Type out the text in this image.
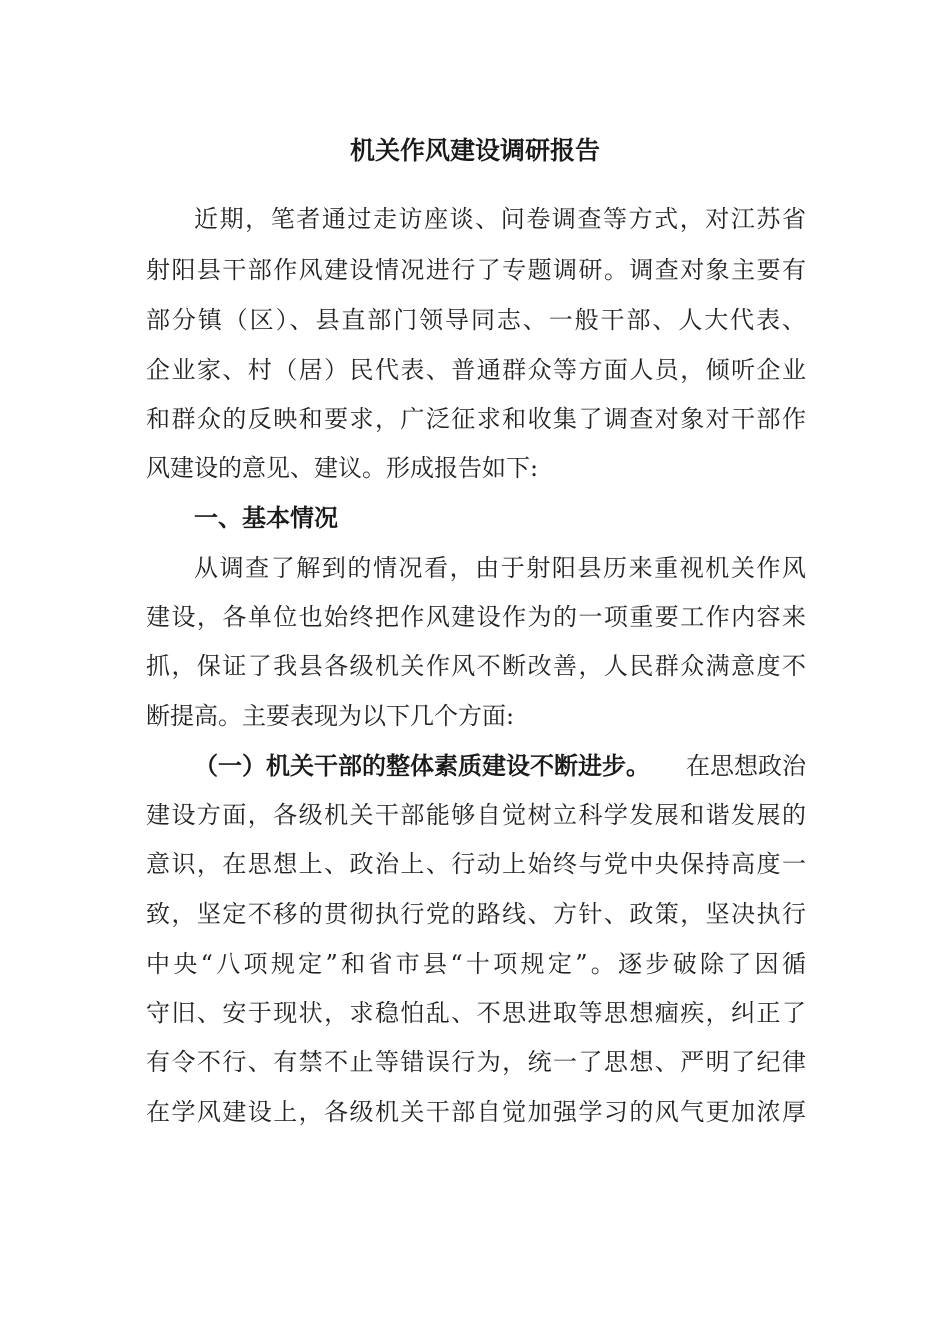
机关作风建设调研报告
近期，笔者通过走访座谈、问卷调查等方式，对江苏省
射阳县干部作风建设情况进行了专题调研。调查对象主要有
部分镇（区）、县直部门领导同志、一般干部、人大代表、
企业家、村（居）民代表、普通群众等方面人员，倾听企业
和群众的反映和要求，广泛征求和收集了调查对象对干部作
风建设的意见、建议。形成报告如下:
一、基本情况
从调查了解到的情况看，由于射阳县历来重视机关作风
建设，各单位也始终把作风建设作为的一项重要工作内容来
抓，保证了我县各级机关作风不断改善，人民群众满意度不
断提高。主要表现为以下几个方面:
（一）机关干部的整体素质建设不断进步。 在思想政治
建设方面，各级机关干部能够自觉树立科学发展和谐发展的
意识，在思想上、政治上、行动上始终与党中央保持高度一
致，坚定不移的贯彻执行党的路线、方针、政策，坚决执行
中央“八项规定”和省市县“十项规定”。逐步破除了因循
守旧、安于现状，求稳怕乱、不思进取等思想痼疾，纠正了
有令不行、有禁不止等错误行为，统一了思想、严明了纪律
在学风建设上，各级机关干部自觉加强学习的风气更加浓厚
